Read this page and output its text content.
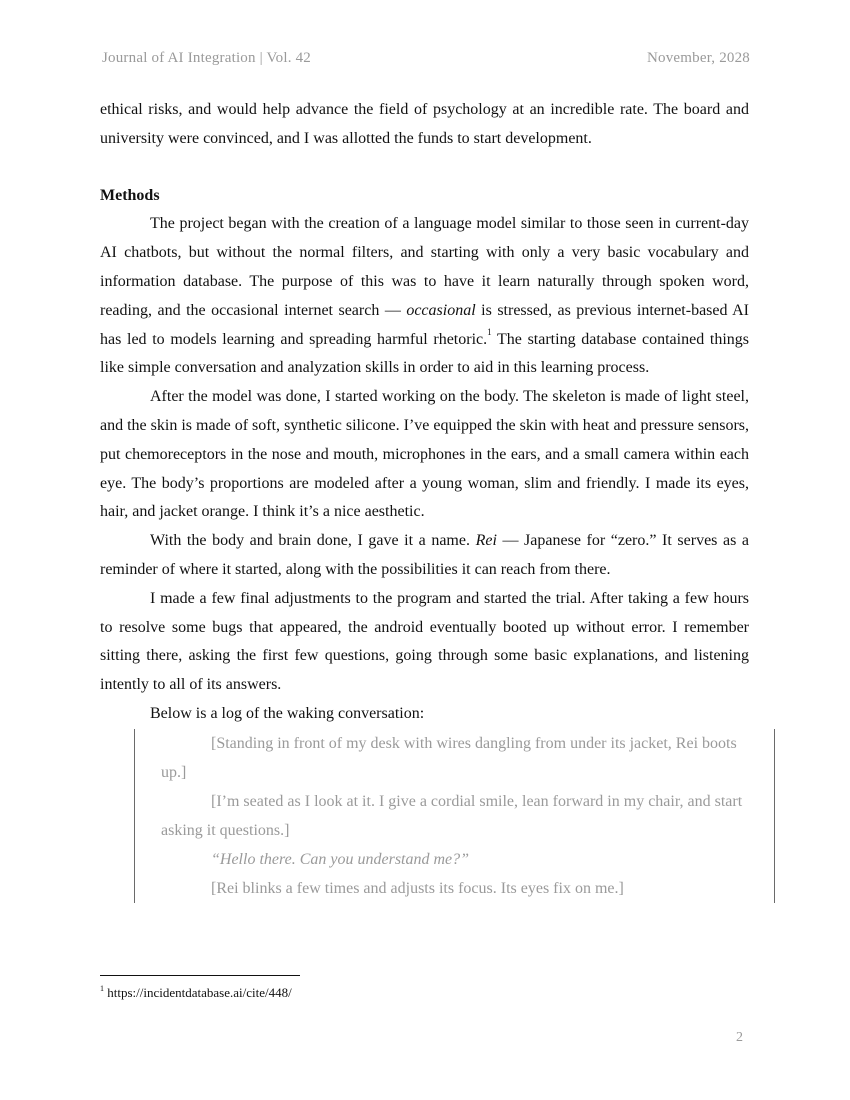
Journal of AI Integration | Vol. 42	November, 2028

ethical risks, and would help advance the field of psychology at an incredible rate. The board and university were convinced, and I was allotted the funds to start development.

Methods

The project began with the creation of a language model similar to those seen in current-day AI chatbots, but without the normal filters, and starting with only a very basic vocabulary and information database. The purpose of this was to have it learn naturally through spoken word, reading, and the occasional internet search — occasional is stressed, as previous internet-based AI has led to models learning and spreading harmful rhetoric.$^1$ The starting database contained things like simple conversation and analyzation skills in order to aid in this learning process.

After the model was done, I started working on the body. The skeleton is made of light steel, and the skin is made of soft, synthetic silicone. I’ve equipped the skin with heat and pressure sensors, put chemoreceptors in the nose and mouth, microphones in the ears, and a small camera within each eye. The body’s proportions are modeled after a young woman, slim and friendly. I made its eyes, hair, and jacket orange. I think it’s a nice aesthetic.

With the body and brain done, I gave it a name. Rei — Japanese for “zero.” It serves as a reminder of where it started, along with the possibilities it can reach from there.

I made a few final adjustments to the program and started the trial. After taking a few hours to resolve some bugs that appeared, the android eventually booted up without error. I remember sitting there, asking the first few questions, going through some basic explanations, and listening intently to all of its answers.

Below is a log of the waking conversation:

[Standing in front of my desk with wires dangling from under its jacket, Rei boots up.]

[I’m seated as I look at it. I give a cordial smile, lean forward in my chair, and start asking it questions.]

“Hello there. Can you understand me?”

[Rei blinks a few times and adjusts its focus. Its eyes fix on me.]

$^1$ https://incidentdatabase.ai/cite/448/
2
